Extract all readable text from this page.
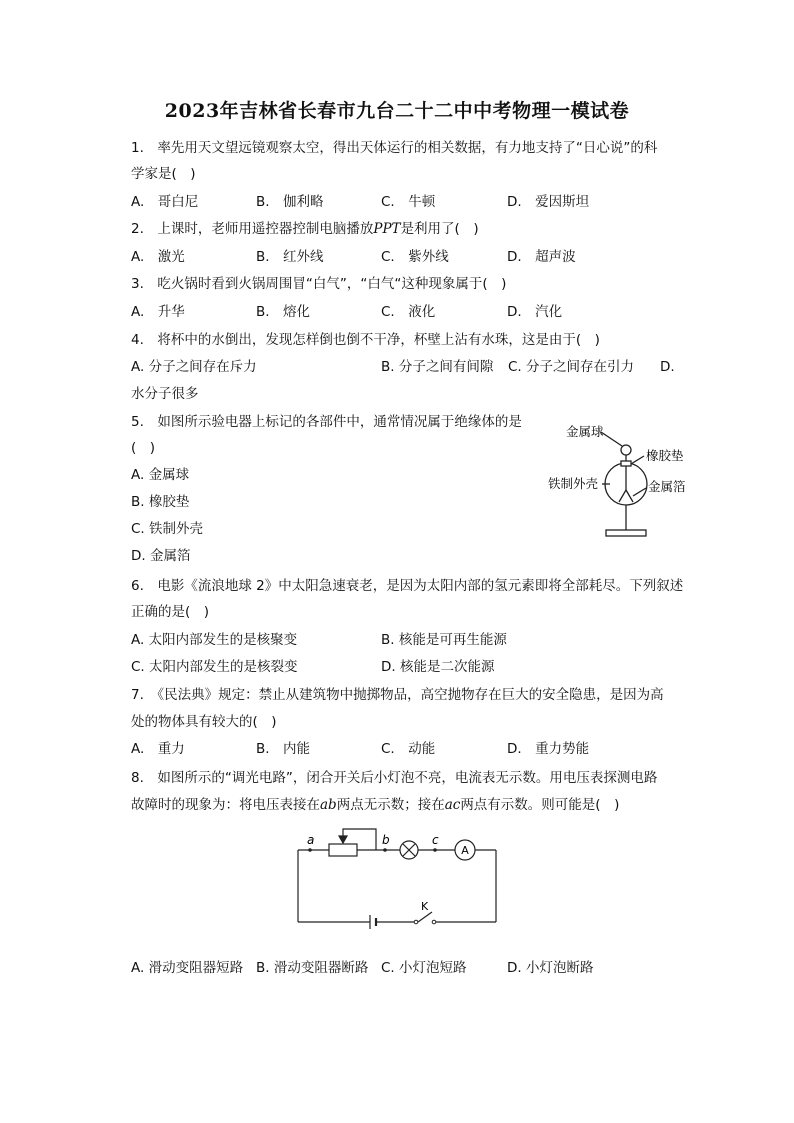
2023年吉林省长春市九台二十二中中考物理一模试卷
1.　率先用天文望远镜观察太空，得出天体运行的相关数据，有力地支持了“日心说”的科
学家是(　)
A.　哥白尼	B.　伽利略	C.　牛顿	D.　爱因斯坦
2.　上课时，老师用遥控器控制电脑播放PPT是利用了(　)
A.　激光	B.　红外线	C.　紫外线	D.　超声波
3.　吃火锅时看到火锅周围冒“白气”，“白气“这种现象属于(　)
A.　升华	B.　熔化	C.　液化	D.　汽化
4.　将杯中的水倒出，发现怎样倒也倒不干净，杯壁上沾有水珠，这是由于(　)
A. 分子之间存在斥力	B. 分子之间有间隙 C. 分子之间存在引力 D.
水分子很多
5.　如图所示验电器上标记的各部件中，通常情况属于绝缘体的是
(　)
A. 金属球
B. 橡胶垫
C. 铁制外壳
D. 金属箔
金属球
橡胶垫
铁制外壳	金属箔
6.　电影《流浪地球 2》中太阳急速衰老，是因为太阳内部的氢元素即将全部耗尽。下列叙述
正确的是(　)
A. 太阳内部发生的是核聚变	B. 核能是可再生能源
C. 太阳内部发生的是核裂变	D. 核能是二次能源
7.　《民法典》规定：禁止从建筑物中抛掷物品，高空抛物存在巨大的安全隐患，是因为高
处的物体具有较大的(　)
A.　重力	B.　内能	C.　动能	D.　重力势能
8.　如图所示的“调光电路”，闭合开关后小灯泡不亮，电流表无示数。用电压表探测电路
故障时的现象为：将电压表接在ab两点无示数；接在ac两点有示数。则可能是(　)
a	b	c
A
K
A. 滑动变阻器短路 B. 滑动变阻器断路 C. 小灯泡短路	D. 小灯泡断路
